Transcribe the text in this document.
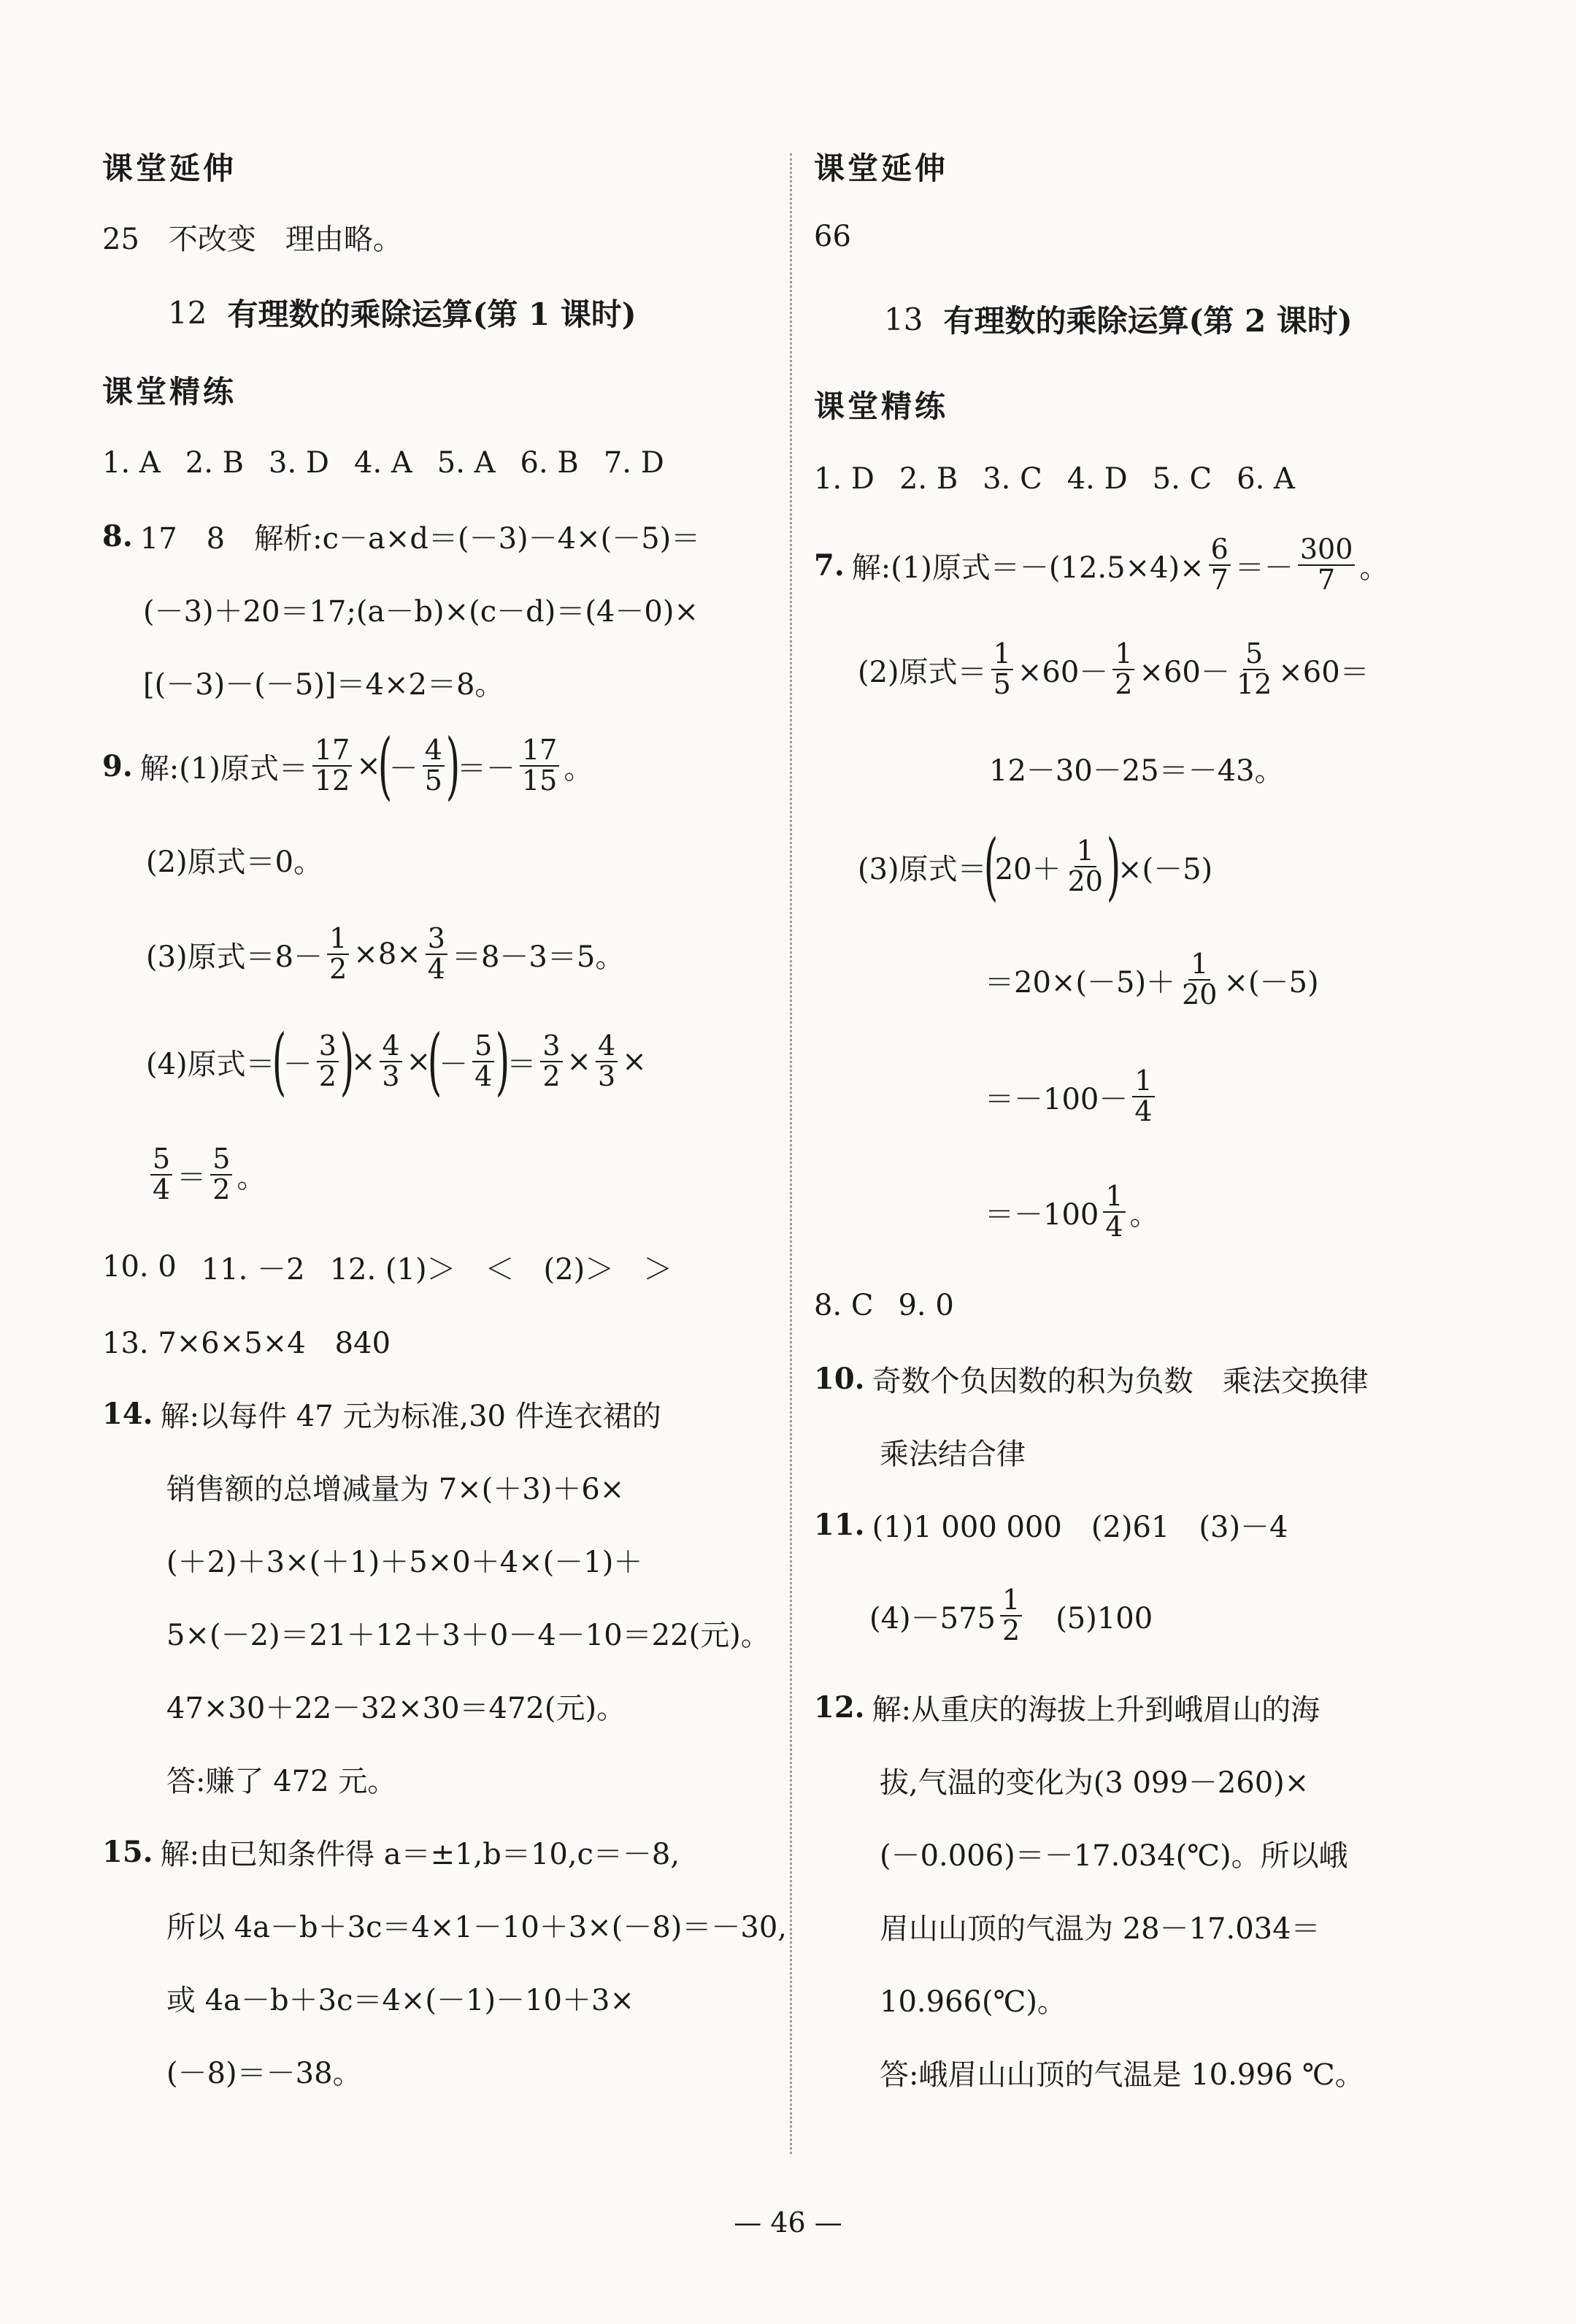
课堂延伸
25　不改变　理由略。
12 有理数的乘除运算(第 1 课时)
课堂精练
1. A 2. B 3. D 4. A 5. A 6. B 7. D
8. 17　8　解析:c－a×d＝(－3)－4×(－5)＝
(－3)＋20＝17;(a－b)×(c－d)＝(4－0)×
[(－3)－(－5)]＝4×2＝8。
9. 解:(1)原式＝ $\frac{17}{12}$ ×
(
－ $\frac{4}{5}$ )
＝－ $\frac{17}{15}$ 。
(2)原式＝0。
(3)原式$=8- \frac{1}{2} \times 8\times \frac{3}{4} =8-3=5$。
(4)原式＝
(
－ $\frac{3}{2}$ )
× $\frac{4}{3}$ ×
(
－ $\frac{5}{4}$ )
＝ $\frac{3}{2} \times \frac{4}{3}$ ×
$\frac{5}{4} = \frac{5}{2}$ 。
10. 0 11. －2 12. (1)＞　＜　(2)＞　＞
13. 7×6×5×4　840
14. 解:以每件 47 元为标准,30 件连衣裙的
销售额的总增减量为 7×(＋3)＋6×
(＋2)＋3×(＋1)＋5×0＋4×(－1)＋
5×(－2)＝21＋12＋3＋0－4－10＝22(元)。
47×30＋22－32×30＝472(元)。
答:赚了 472 元。
15. 解:由已知条件得 a＝±1,b＝10,c＝－8,
所以 4a－b＋3c＝4×1－10＋3×(－8)＝－30,
或 4a－b＋3c＝4×(－1)－10＋3×
(－8)＝－38。
课堂延伸
66
13 有理数的乘除运算(第 2 课时)
课堂精练
1. D 2. B 3. C 4. D 5. C 6. A
7. 解:(1)原式$=-(12.5\times 4)\times \frac{6}{7} =- \frac{300}{7}$ 。
(2)原式＝ $\frac{1}{5} \times 60- \frac{1}{2} \times 60- \frac{5}{12} \times 60=$
12－30－25＝－43。
(3)原式＝
(
$20+ \frac{1}{20}$ )
×(－5)
$=20\times(-5)+ \frac{1}{20} \times(-5)$
$=-100- \frac{1}{4}$
$=-100 \frac{1}{4}$ 。
8. C 9. 0
10. 奇数个负因数的积为负数　乘法交换律
乘法结合律
11. (1)1 000 000　(2)61　(3)－4
$(4)-575 \frac{1}{2}$ 　(5)100
12. 解:从重庆的海拔上升到峨眉山的海
拔,气温的变化为(3 099－260)×
(－0.006)＝－17.034(℃)。所以峨
眉山山顶的气温为 28－17.034＝
10.966(℃)。
答:峨眉山山顶的气温是 10.996 ℃。
— 46 —
